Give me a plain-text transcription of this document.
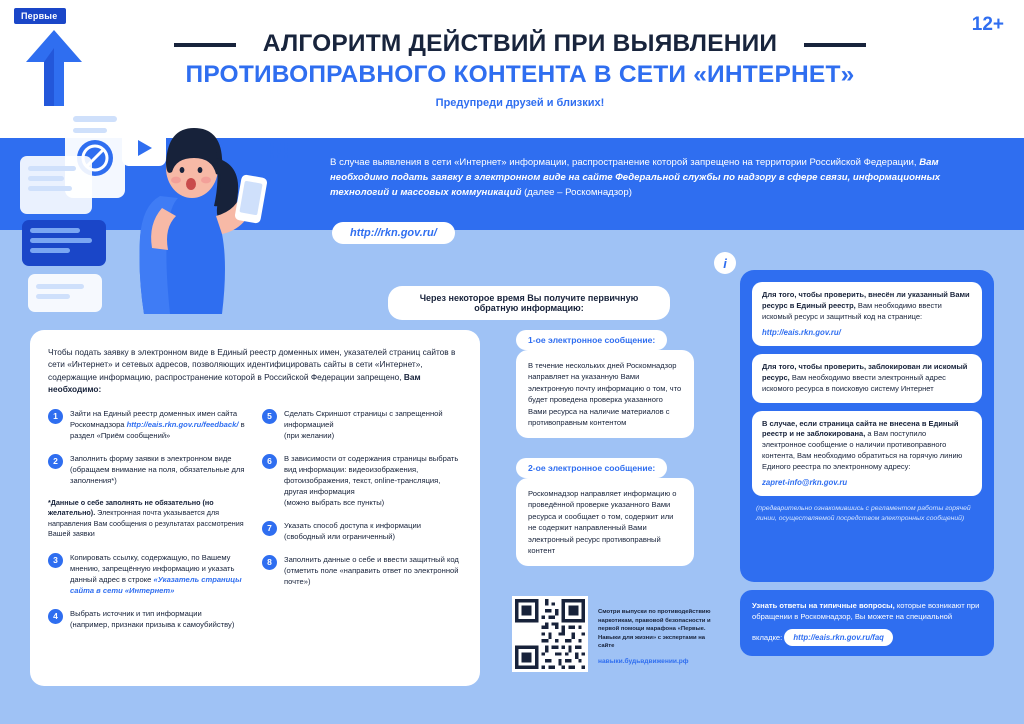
Первые	12+
АЛГОРИТМ ДЕЙСТВИЙ ПРИ ВЫЯВЛЕНИИ
ПРОТИВОПРАВНОГО КОНТЕНТА В СЕТИ «ИНТЕРНЕТ»
Предупреди друзей и близких!
!!!	В случае выявления в сети «Интернет» информации, распространение которой запрещено на территории Российской Федерации, Вам необходимо подать заявку в электронном виде на сайте Федеральной службы по надзору в сфере связи, информационных технологий и массовых коммуникаций (далее – Роскомнадзор)
http://rkn.gov.ru/
Через некоторое время Вы получите первичную обратную информацию:
Чтобы подать заявку в электронном виде в Единый реестр доменных имен, указателей страниц сайтов в сети «Интернет» и сетевых адресов, позволяющих идентифицировать сайты в сети «Интернет», содержащие информацию, распространение которой в Российской Федерации запрещено, Вам необходимо:
1	Зайти на Единый реестр доменных имен сайта Роскомнадзора http://eais.rkn.gov.ru/feedback/ в раздел «Приём сообщений»
2	Заполнить форму заявки в электронном виде
(обращаем внимание на поля, обязательные для заполнения*)
*Данные о себе заполнять не обязательно (но желательно). Электронная почта указывается для направления Вам сообщения о результатах рассмотрения Вашей заявки
3	Копировать ссылку, содержащую, по Вашему мнению, запрещённую информацию и указать данный адрес в строке «Указатель страницы сайта в сети «Интернет»
4	Выбрать источник и тип информации
(например, признаки призыва к самоубийству)
5	Сделать Скриншот страницы с запрещенной информацией
(при желании)
6	В зависимости от содержания страницы выбрать вид информации: видеоизображения, фотоизображения, текст, online-трансляция, другая информация
(можно выбрать все пункты)
7	Указать способ доступа к информации
(свободный или ограниченный)
8	Заполнить данные о себе и ввести защитный код
(отметить поле «направить ответ по электронной почте»)
1-ое электронное сообщение:
В течение нескольких дней Роскомнадзор направляет на указанную Вами электронную почту информацию о том, что будет проведена проверка указанного Вами ресурса на наличие материалов с противоправным контентом
2-ое электронное сообщение:
Роскомнадзор направляет информацию о проведённой проверке указанного Вами ресурса и сообщает о том, содержит или не содержит направленный Вами электронный ресурс противоправный контент
i
Для того, чтобы проверить, внесён ли указанный Вами ресурс в Единый реестр, Вам необходимо ввести искомый ресурс и защитный код на странице:
http://eais.rkn.gov.ru/
Для того, чтобы проверить, заблокирован ли искомый ресурс, Вам необходимо ввести электронный адрес искомого ресурса в поисковую систему Интернет
В случае, если страница сайта не внесена в Единый реестр и не заблокирована, а Вам поступило электронное сообщение о наличии противоправного контента, Вам необходимо обратиться на горячую линию Единого реестра по электронному адресу:
zapret-info@rkn.gov.ru
(предварительно ознакомившись с регламентом работы горячей линии, осуществляемой посредством электронных сообщений)
Узнать ответы на типичные вопросы, которые возникают при обращении в Роскомнадзор, Вы можете на специальной вкладке: http://eais.rkn.gov.ru/faq
Смотри выпуски по противодействию наркотикам, правовой безопасности и первой помощи марафона «Первые. Навыки для жизни» с экспертами на сайте
навыки.будьвдвижении.рф
